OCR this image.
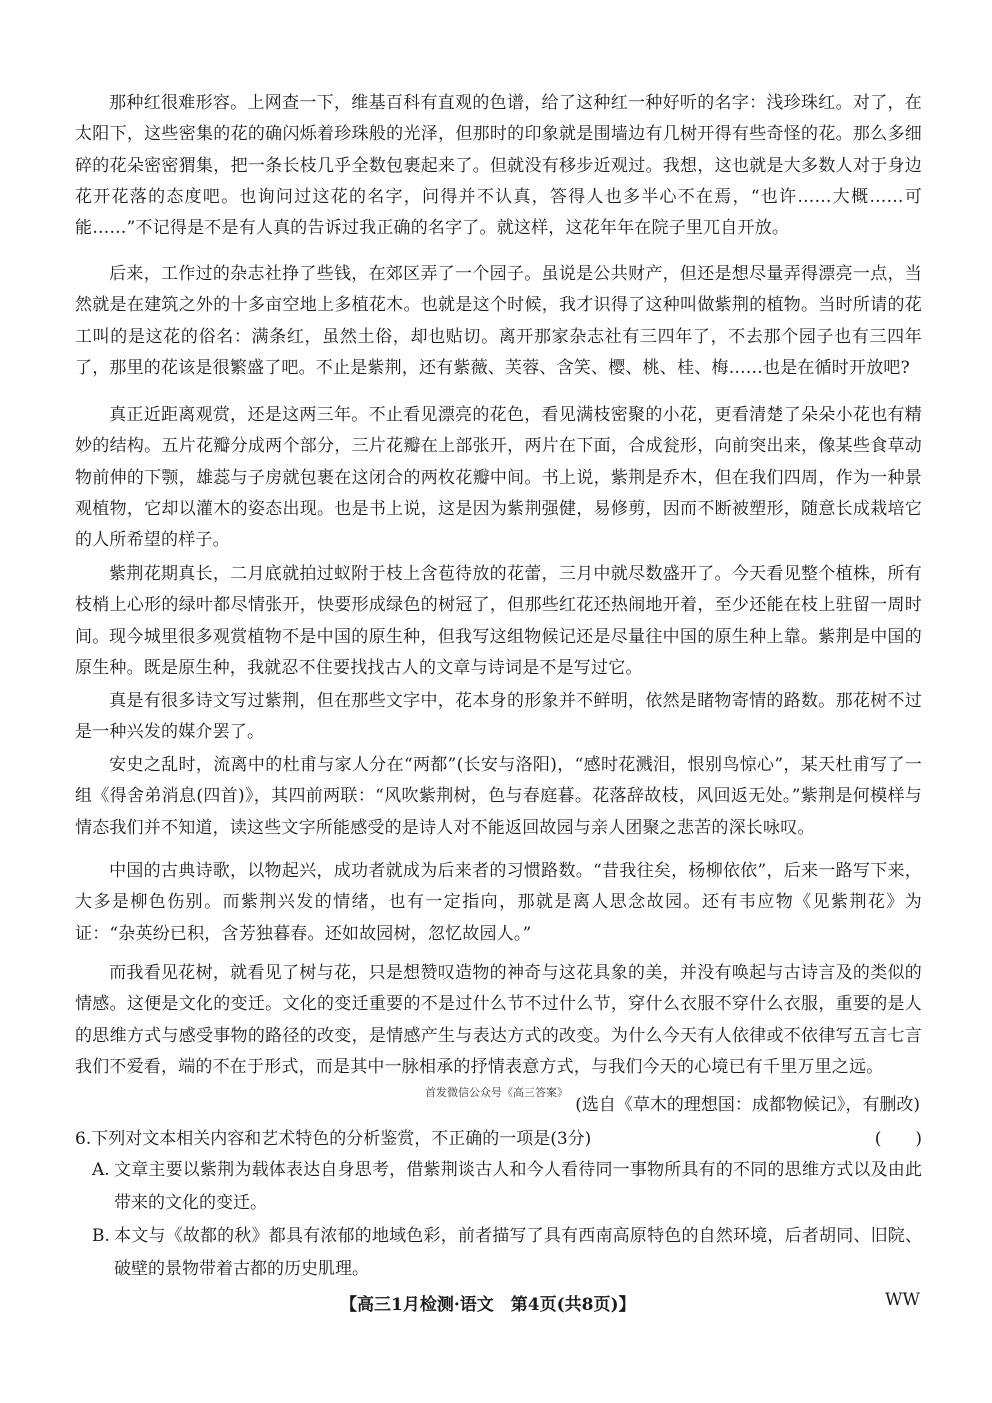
那种红很难形容。上网查一下，维基百科有直观的色谱，给了这种红一种好听的名字：浅珍珠红。对了，在太阳下，这些密集的花的确闪烁着珍珠般的光泽，但那时的印象就是围墙边有几树开得有些奇怪的花。那么多细碎的花朵密密猬集，把一条长枝几乎全数包裹起来了。但就没有移步近观过。我想，这也就是大多数人对于身边花开花落的态度吧。也询问过这花的名字，问得并不认真，答得人也多半心不在焉，“也许……大概……可能……”不记得是不是有人真的告诉过我正确的名字了。就这样，这花年年在院子里兀自开放。

后来，工作过的杂志社挣了些钱，在郊区弄了一个园子。虽说是公共财产，但还是想尽量弄得漂亮一点，当然就是在建筑之外的十多亩空地上多植花木。也就是这个时候，我才识得了这种叫做紫荆的植物。当时所请的花工叫的是这花的俗名：满条红，虽然土俗，却也贴切。离开那家杂志社有三四年了，不去那个园子也有三四年了，那里的花该是很繁盛了吧。不止是紫荆，还有紫薇、芙蓉、含笑、樱、桃、桂、梅……也是在循时开放吧?

真正近距离观赏，还是这两三年。不止看见漂亮的花色，看见满枝密聚的小花，更看清楚了朵朵小花也有精妙的结构。五片花瓣分成两个部分，三片花瓣在上部张开，两片在下面，合成瓮形，向前突出来，像某些食草动物前伸的下颚，雄蕊与子房就包裹在这闭合的两枚花瓣中间。书上说，紫荆是乔木，但在我们四周，作为一种景观植物，它却以灌木的姿态出现。也是书上说，这是因为紫荆强健，易修剪，因而不断被塑形，随意长成栽培它的人所希望的样子。

紫荆花期真长，二月底就拍过蚁附于枝上含苞待放的花蕾，三月中就尽数盛开了。今天看见整个植株，所有枝梢上心形的绿叶都尽情张开，快要形成绿色的树冠了，但那些红花还热闹地开着，至少还能在枝上驻留一周时间。 现今城里很多观赏植物不是中国的原生种，但我写这组物候记还是尽量往中国的原生种上靠。紫荆是中国的原生种。既是原生种，我就忍不住要找找古人的文章与诗词是不是写过它。

真是有很多诗文写过紫荆，但在那些文字中，花本身的形象并不鲜明，依然是睹物寄情的路数。那花树不过是一种兴发的媒介罢了。

安史之乱时，流离中的杜甫与家人分在“两都”(长安与洛阳)，“感时花溅泪，恨别鸟惊心”，某天杜甫写了一组《得舍弟消息(四首)》，其四前两联：“风吹紫荆树，色与春庭暮。花落辞故枝，风回返无处。”紫荆是何模样与情态我们并不知道，读这些文字所能感受的是诗人对不能返回故园与亲人团聚之悲苦的深长咏叹。

中国的古典诗歌，以物起兴，成功者就成为后来者的习惯路数。“昔我往矣，杨柳依依”，后来一路写下来，大多是柳色伤别。而紫荆兴发的情绪，也有一定指向，那就是离人思念故园。还有韦应物《见紫荆花》为证：“杂英纷已积，含芳独暮春。还如故园树，忽忆故园人。”

而我看见花树，就看见了树与花，只是想赞叹造物的神奇与这花具象的美，并没有唤起与古诗言及的类似的情感。这便是文化的变迁。文化的变迁重要的不是过什么节不过什么节，穿什么衣服不穿什么衣服，重要的是人的思维方式与感受事物的路径的改变，是情感产生与表达方式的改变。为什么今天有人依律或不依律写五言七言我们不爱看，端的不在于形式，而是其中一脉相承的抒情表意方式，与我们今天的心境已有千里万里之远。

首发微信公众号《高三答案》
(选自《草木的理想国：成都物候记》，有删改)
6.下列对文本相关内容和艺术特色的分析鉴赏，不正确的一项是(3分)	(　　)
A. 文章主要以紫荆为载体表达自身思考，借紫荆谈古人和今人看待同一事物所具有的不同的思维方式以及由此带来的文化的变迁。
B. 本文与《故都的秋》都具有浓郁的地域色彩，前者描写了具有西南高原特色的自然环境，后者胡同、旧院、破壁的景物带着古都的历史肌理。
【高三1月检测·语文　第4页(共8页)】	WW
